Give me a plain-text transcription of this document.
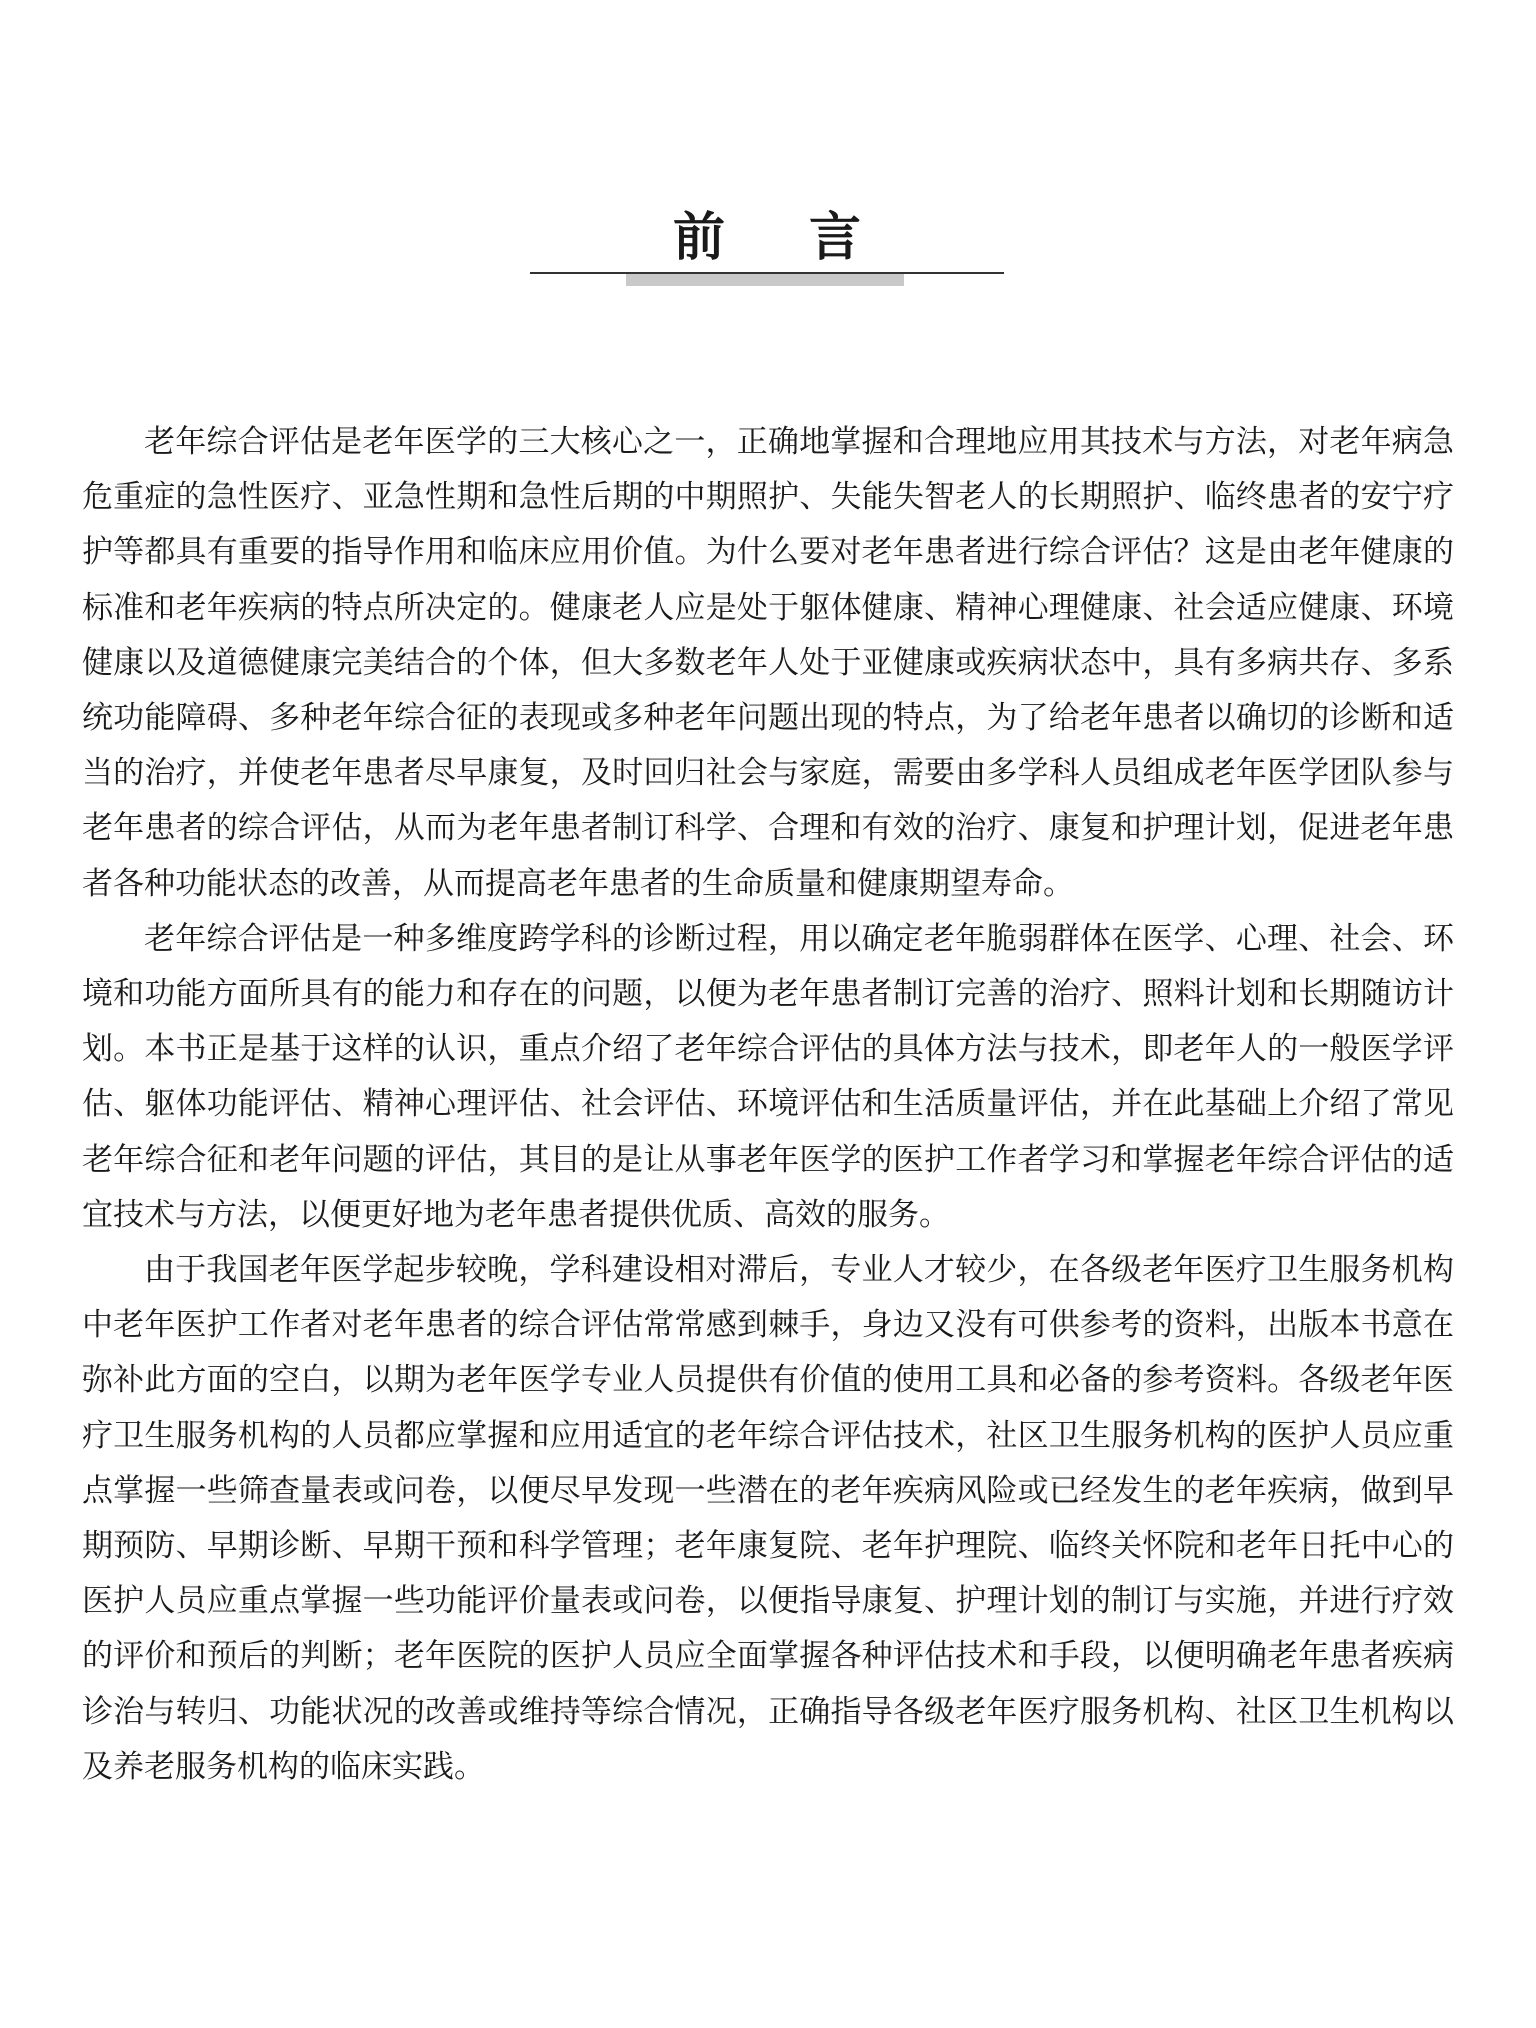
前言

老年综合评估是老年医学的三大核心之一，正确地掌握和合理地应用其技术与方法，对老年病急危重症的急性医疗、亚急性期和急性后期的中期照护、失能失智老人的长期照护、临终患者的安宁疗护等都具有重要的指导作用和临床应用价值。为什么要对老年患者进行综合评估？这是由老年健康的标准和老年疾病的特点所决定的。健康老人应是处于躯体健康、精神心理健康、社会适应健康、环境健康以及道德健康完美结合的个体，但大多数老年人处于亚健康或疾病状态中，具有多病共存、多系统功能障碍、多种老年综合征的表现或多种老年问题出现的特点，为了给老年患者以确切的诊断和适当的治疗，并使老年患者尽早康复，及时回归社会与家庭，需要由多学科人员组成老年医学团队参与老年患者的综合评估，从而为老年患者制订科学、合理和有效的治疗、康复和护理计划，促进老年患者各种功能状态的改善，从而提高老年患者的生命质量和健康期望寿命。

老年综合评估是一种多维度跨学科的诊断过程，用以确定老年脆弱群体在医学、心理、社会、环境和功能方面所具有的能力和存在的问题，以便为老年患者制订完善的治疗、照料计划和长期随访计划。本书正是基于这样的认识，重点介绍了老年综合评估的具体方法与技术，即老年人的一般医学评估、躯体功能评估、精神心理评估、社会评估、环境评估和生活质量评估，并在此基础上介绍了常见老年综合征和老年问题的评估，其目的是让从事老年医学的医护工作者学习和掌握老年综合评估的适宜技术与方法，以便更好地为老年患者提供优质、高效的服务。

由于我国老年医学起步较晚，学科建设相对滞后，专业人才较少，在各级老年医疗卫生服务机构中老年医护工作者对老年患者的综合评估常常感到棘手，身边又没有可供参考的资料，出版本书意在弥补此方面的空白，以期为老年医学专业人员提供有价值的使用工具和必备的参考资料。各级老年医疗卫生服务机构的人员都应掌握和应用适宜的老年综合评估技术，社区卫生服务机构的医护人员应重点掌握一些筛查量表或问卷，以便尽早发现一些潜在的老年疾病风险或已经发生的老年疾病，做到早期预防、早期诊断、早期干预和科学管理；老年康复院、老年护理院、临终关怀院和老年日托中心的医护人员应重点掌握一些功能评价量表或问卷，以便指导康复、护理计划的制订与实施，并进行疗效的评价和预后的判断；老年医院的医护人员应全面掌握各种评估技术和手段，以便明确老年患者疾病诊治与转归、功能状况的改善或维持等综合情况，正确指导各级老年医疗服务机构、社区卫生机构以及养老服务机构的临床实践。
